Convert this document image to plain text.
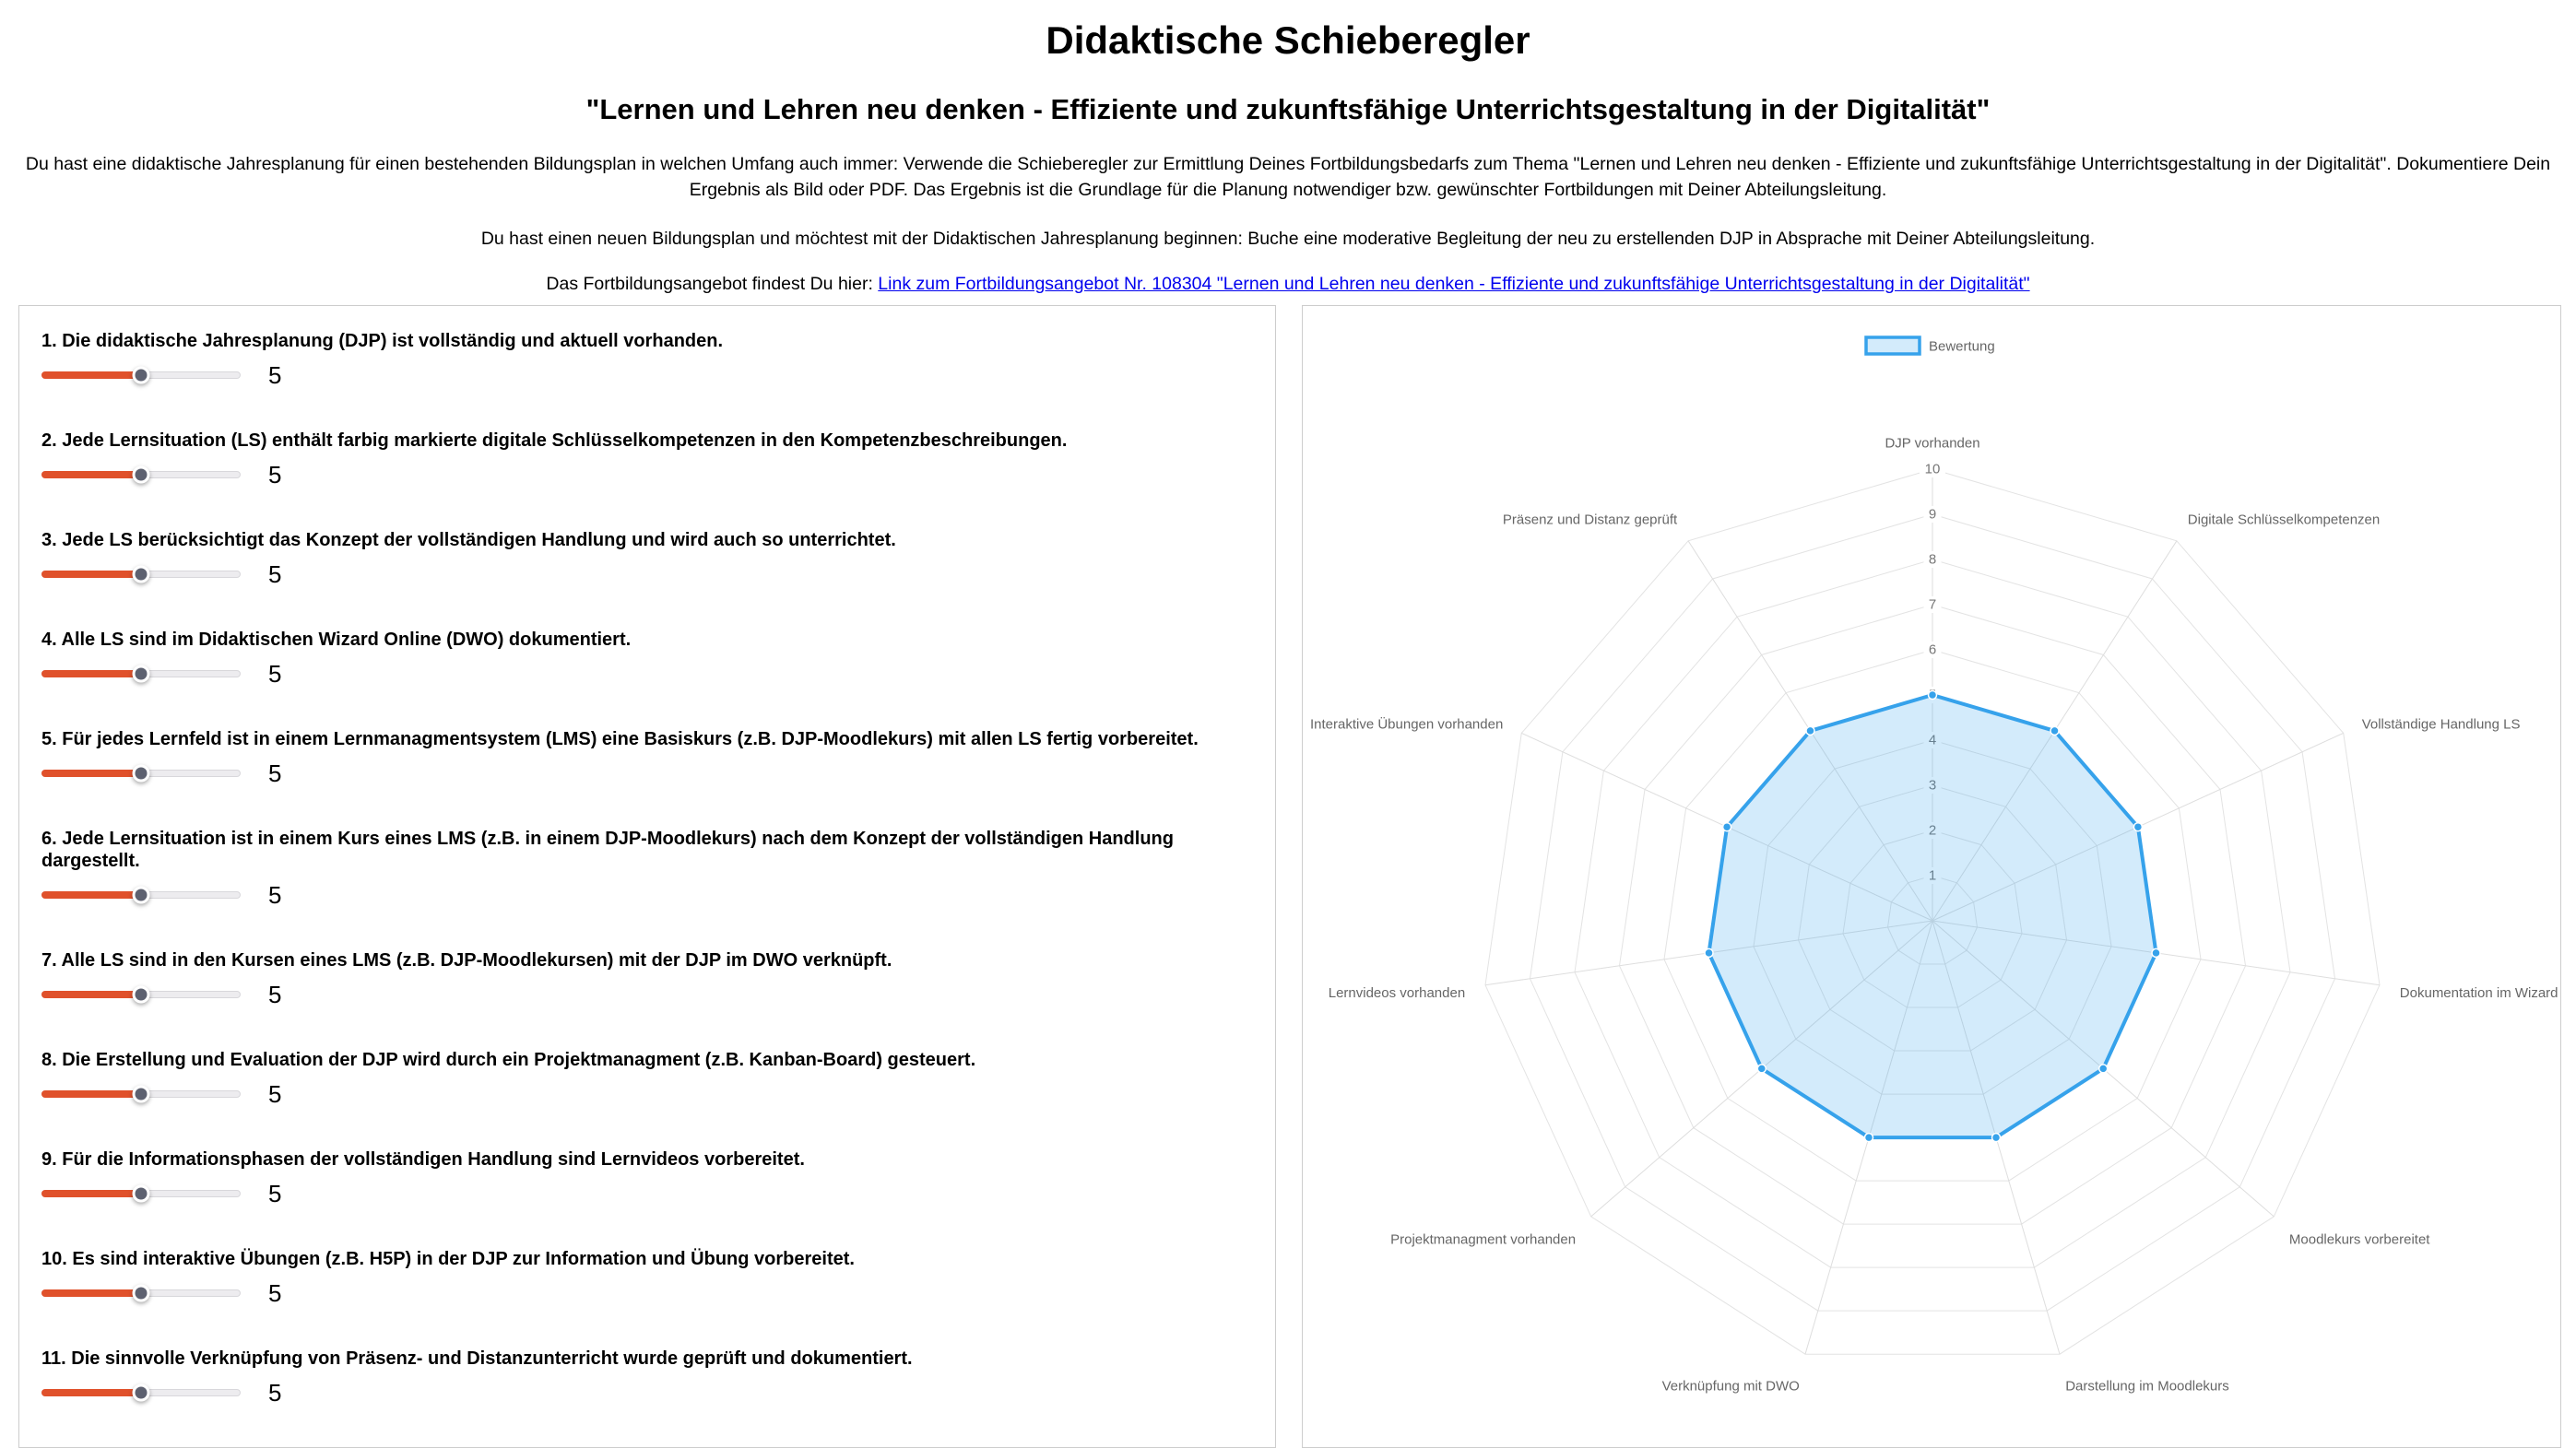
Didaktische Schieberegler
"Lernen und Lehren neu denken - Effiziente und zukunftsfähige Unterrichtsgestaltung in der Digitalität"

Du hast eine didaktische Jahresplanung für einen bestehenden Bildungsplan in welchen Umfang auch immer: Verwende die Schieberegler zur Ermittlung Deines Fortbildungsbedarfs zum Thema "Lernen und Lehren neu denken - Effiziente und zukunftsfähige Unterrichtsgestaltung in der Digitalität". Dokumentiere Dein Ergebnis als Bild oder PDF. Das Ergebnis ist die Grundlage für die Planung notwendiger bzw. gewünschter Fortbildungen mit Deiner Abteilungsleitung.

Du hast einen neuen Bildungsplan und möchtest mit der Didaktischen Jahresplanung beginnen: Buche eine moderative Begleitung der neu zu erstellenden DJP in Absprache mit Deiner Abteilungsleitung.

Das Fortbildungsangebot findest Du hier: Link zum Fortbildungsangebot Nr. 108304 "Lernen und Lehren neu denken - Effiziente und zukunftsfähige Unterrichtsgestaltung in der Digitalität"

1. Die didaktische Jahresplanung (DJP) ist vollständig und aktuell vorhanden.
5
2. Jede Lernsituation (LS) enthält farbig markierte digitale Schlüsselkompetenzen in den Kompetenzbeschreibungen.
5
3. Jede LS berücksichtigt das Konzept der vollständigen Handlung und wird auch so unterrichtet.
5
4. Alle LS sind im Didaktischen Wizard Online (DWO) dokumentiert.
5
5. Für jedes Lernfeld ist in einem Lernmanagmentsystem (LMS) eine Basiskurs (z.B. DJP-Moodlekurs) mit allen LS fertig vorbereitet.
5
6. Jede Lernsituation ist in einem Kurs eines LMS (z.B. in einem DJP-Moodlekurs) nach dem Konzept der vollständigen Handlung dargestellt.
5
7. Alle LS sind in den Kursen eines LMS (z.B. DJP-Moodlekursen) mit der DJP im DWO verknüpft.
5
8. Die Erstellung und Evaluation der DJP wird durch ein Projektmanagment (z.B. Kanban-Board) gesteuert.
5
9. Für die Informationsphasen der vollständigen Handlung sind Lernvideos vorbereitet.
5
10. Es sind interaktive Übungen (z.B. H5P) in der DJP zur Information und Übung vorbereitet.
5
11. Die sinnvolle Verknüpfung von Präsenz- und Distanzunterricht wurde geprüft und dokumentiert.
5
6
7
8
9
10
DJP vorhanden
Digitale Schlüsselkompetenzen
Vollständige Handlung LS
Dokumentation im Wizard
Moodlekurs vorbereitet
Darstellung im Moodlekurs
Verknüpfung mit DWO
Projektmanagment vorhanden
Lernvideos vorhanden
Interaktive Übungen vorhanden
Präsenz und Distanz geprüft
Bewertung
